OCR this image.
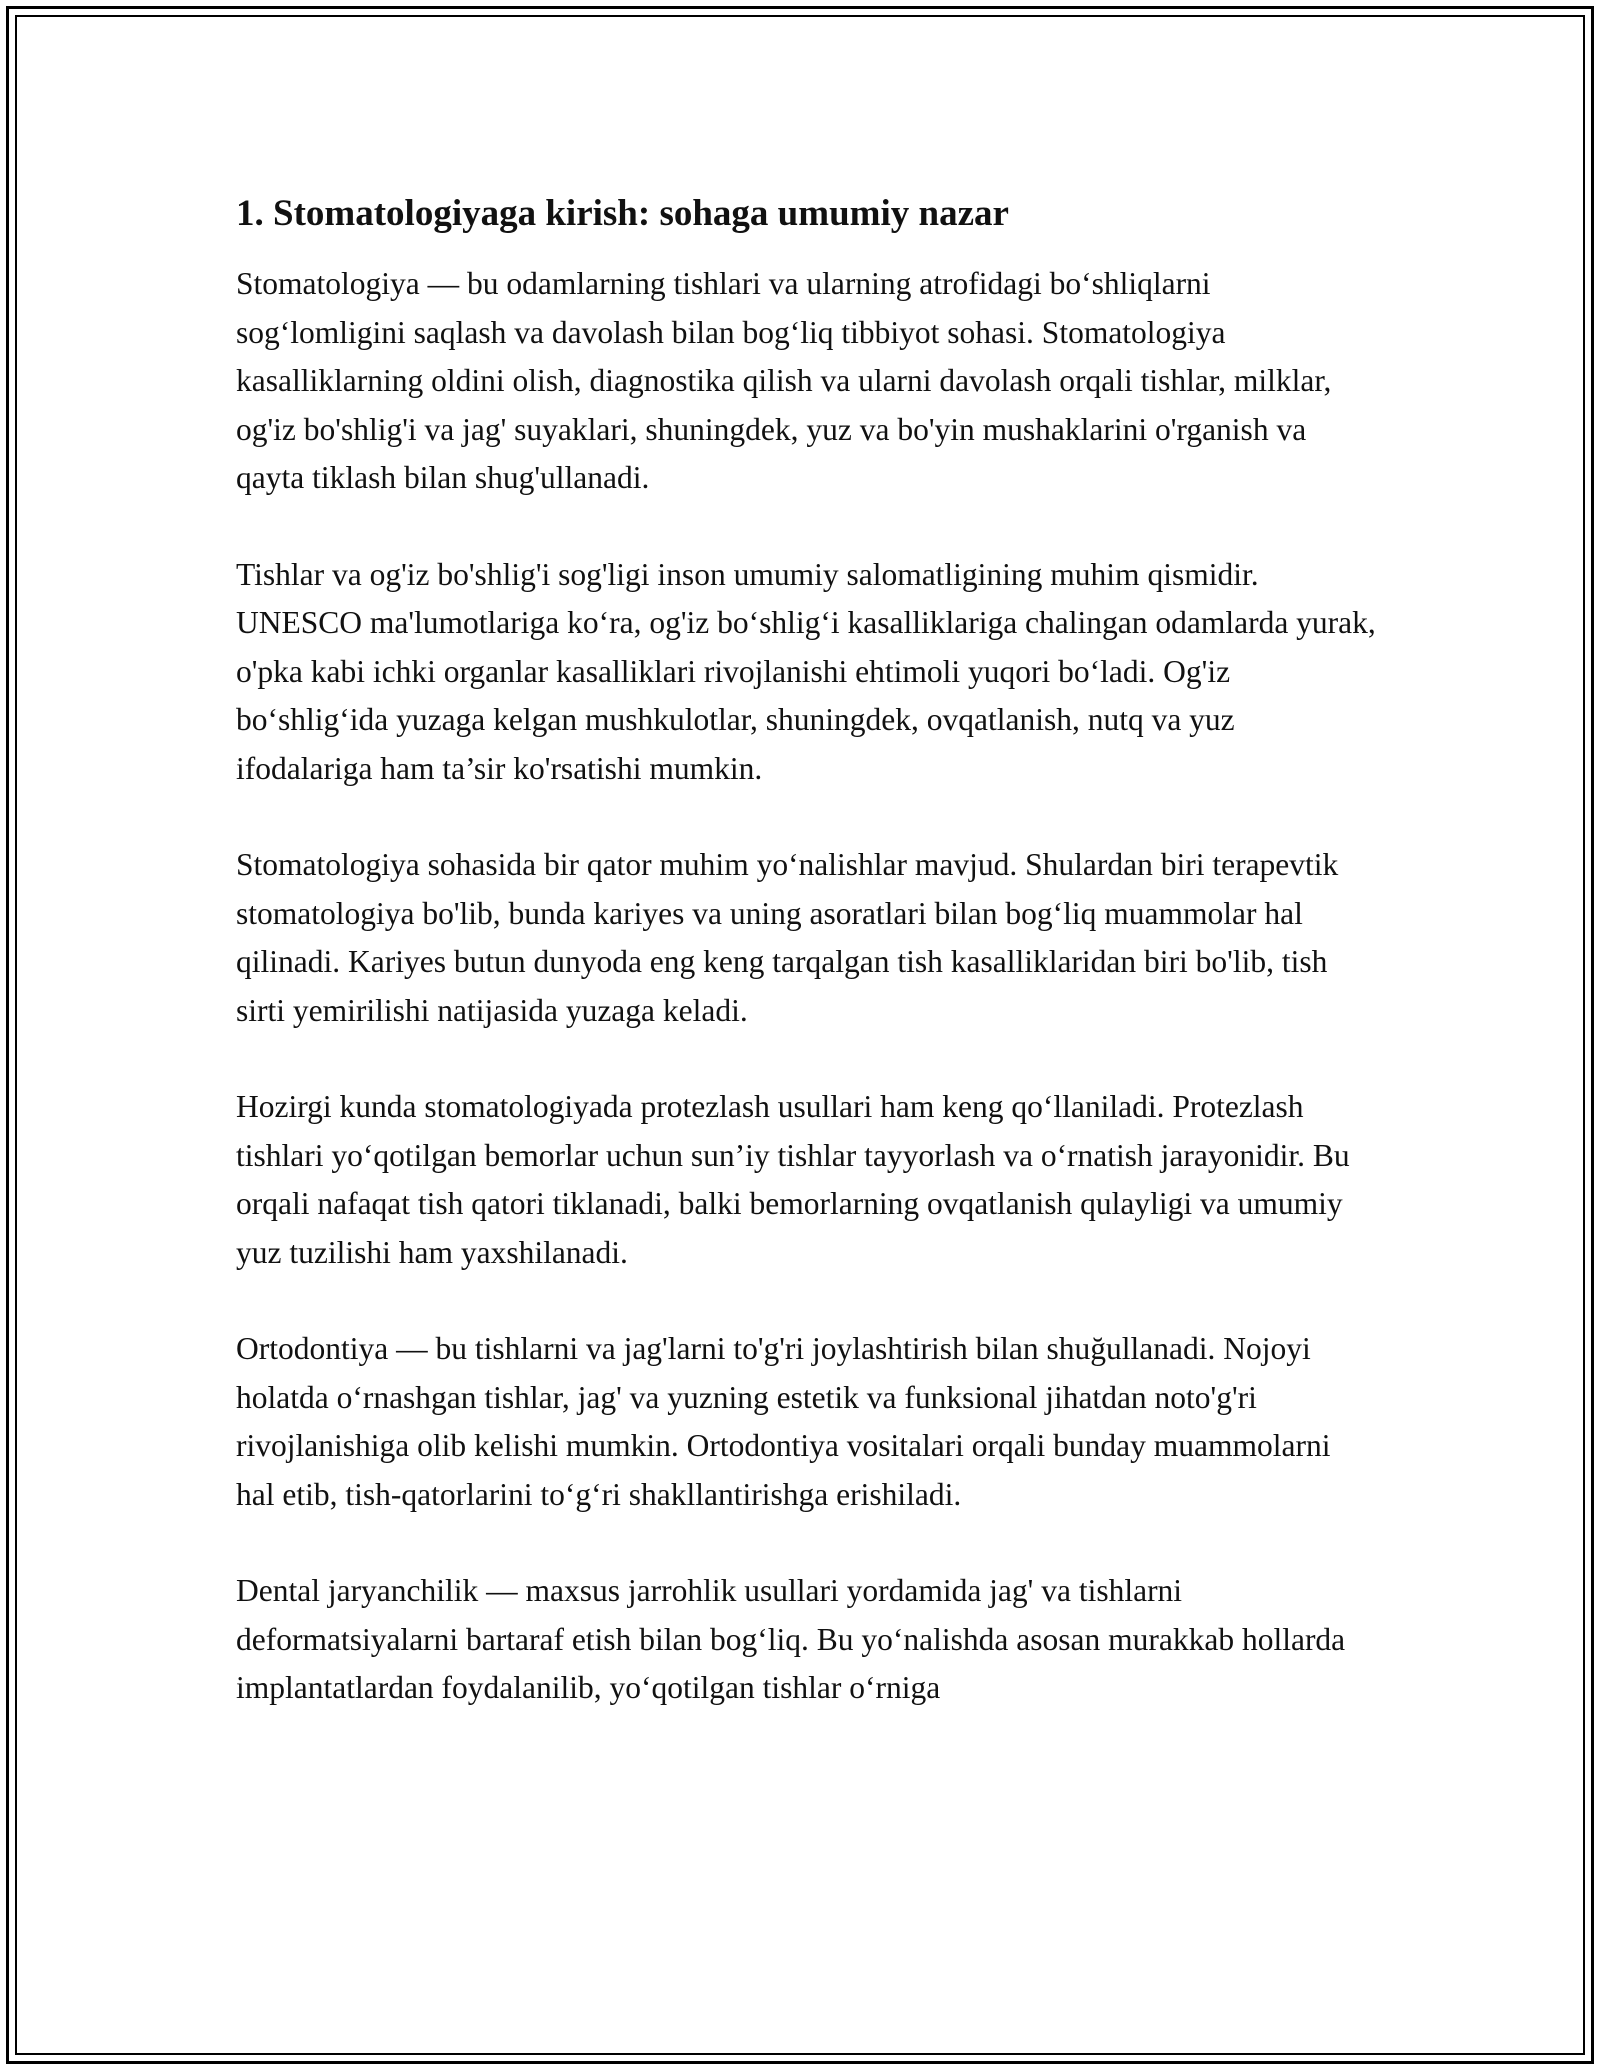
1. Stomatologiyaga kirish: sohaga umumiy nazar

Stomatologiya — bu odamlarning tishlari va ularning atrofidagi bo‘shliqlarni sog‘lomligini saqlash va davolash bilan bog‘liq tibbiyot sohasi. Stomatologiya kasalliklarning oldini olish, diagnostika qilish va ularni davolash orqali tishlar, milklar, og'iz bo'shlig'i va jag' suyaklari, shuningdek, yuz va bo'yin mushaklarini o'rganish va qayta tiklash bilan shug'ullanadi.

Tishlar va og'iz bo'shlig'i sog'ligi inson umumiy salomatligining muhim qismidir. UNESCO ma'lumotlariga ko‘ra, og'iz bo‘shlig‘i kasalliklariga chalingan odamlarda yurak, o'pka kabi ichki organlar kasalliklari rivojlanishi ehtimoli yuqori bo‘ladi. Og'iz bo‘shlig‘ida yuzaga kelgan mushkulotlar, shuningdek, ovqatlanish, nutq va yuz ifodalariga ham ta’sir ko'rsatishi mumkin.

Stomatologiya sohasida bir qator muhim yo‘nalishlar mavjud. Shulardan biri terapevtik stomatologiya bo'lib, bunda kariyes va uning asoratlari bilan bog‘liq muammolar hal qilinadi. Kariyes butun dunyoda eng keng tarqalgan tish kasalliklaridan biri bo'lib, tish sirti yemirilishi natijasida yuzaga keladi.

Hozirgi kunda stomatologiyada protezlash usullari ham keng qo‘llaniladi. Protezlash tishlari yo‘qotilgan bemorlar uchun sun’iy tishlar tayyorlash va o‘rnatish jarayonidir. Bu orqali nafaqat tish qatori tiklanadi, balki bemorlarning ovqatlanish qulayligi va umumiy yuz tuzilishi ham yaxshilanadi.

Ortodontiya — bu tishlarni va jag'larni to'g'ri joylashtirish bilan shuğullanadi. Nojoyi holatda o‘rnashgan tishlar, jag' va yuzning estetik va funksional jihatdan noto'g'ri rivojlanishiga olib kelishi mumkin. Ortodontiya vositalari orqali bunday muammolarni hal etib, tish-qatorlarini to‘g‘ri shakllantirishga erishiladi.

Dental jaryanchilik — maxsus jarrohlik usullari yordamida jag' va tishlarni deformatsiyalarni bartaraf etish bilan bog‘liq. Bu yo‘nalishda asosan murakkab hollarda implantatlardan foydalanilib, yo‘qotilgan tishlar o‘rniga
